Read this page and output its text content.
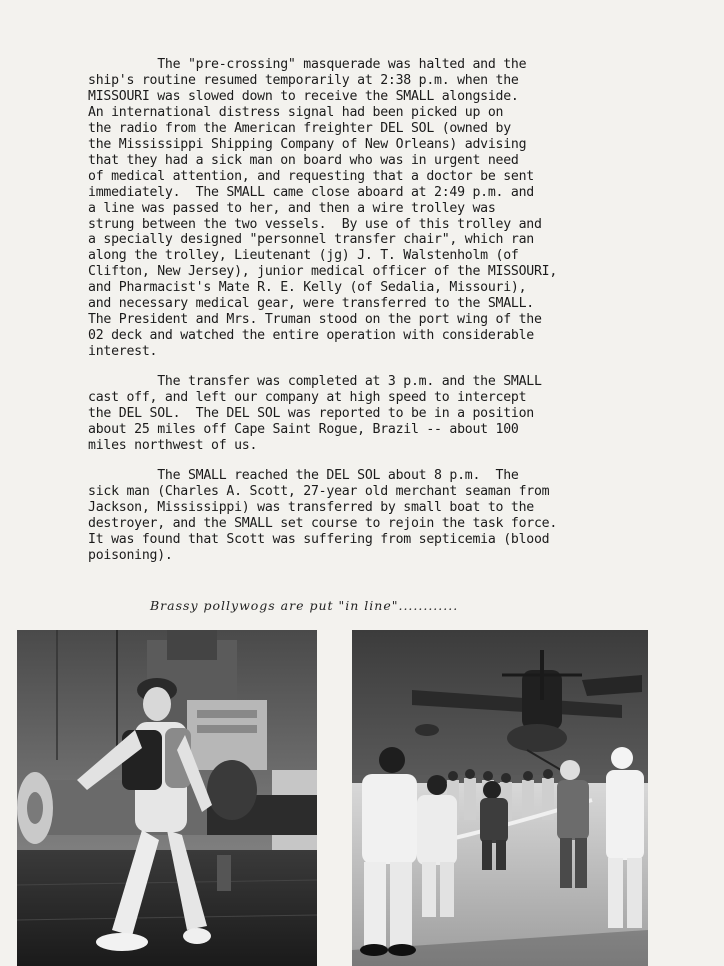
The "pre-crossing" masquerade was halted and the
ship's routine resumed temporarily at 2:38 p.m. when the
MISSOURI was slowed down to receive the SMALL alongside.
An international distress signal had been picked up on
the radio from the American freighter DEL SOL (owned by
the Mississippi Shipping Company of New Orleans) advising
that they had a sick man on board who was in urgent need
of medical attention, and requesting that a doctor be sent
immediately.  The SMALL came close aboard at 2:49 p.m. and
a line was passed to her, and then a wire trolley was
strung between the two vessels.  By use of this trolley and
a specially designed "personnel transfer chair", which ran
along the trolley, Lieutenant (jg) J. T. Walstenholm (of
Clifton, New Jersey), junior medical officer of the MISSOURI,
and Pharmacist's Mate R. E. Kelly (of Sedalia, Missouri),
and necessary medical gear, were transferred to the SMALL.
The President and Mrs. Truman stood on the port wing of the
02 deck and watched the entire operation with considerable
interest.

The transfer was completed at 3 p.m. and the SMALL
cast off, and left our company at high speed to intercept
the DEL SOL.  The DEL SOL was reported to be in a position
about 25 miles off Cape Saint Rogue, Brazil -- about 100
miles northwest of us.

The SMALL reached the DEL SOL about 8 p.m.  The
sick man (Charles A. Scott, 27-year old merchant seaman from
Jackson, Mississippi) was transferred by small boat to the
destroyer, and the SMALL set course to rejoin the task force.
It was found that Scott was suffering from septicemia (blood
poisoning).

Brassy pollywogs are put "in line"............
